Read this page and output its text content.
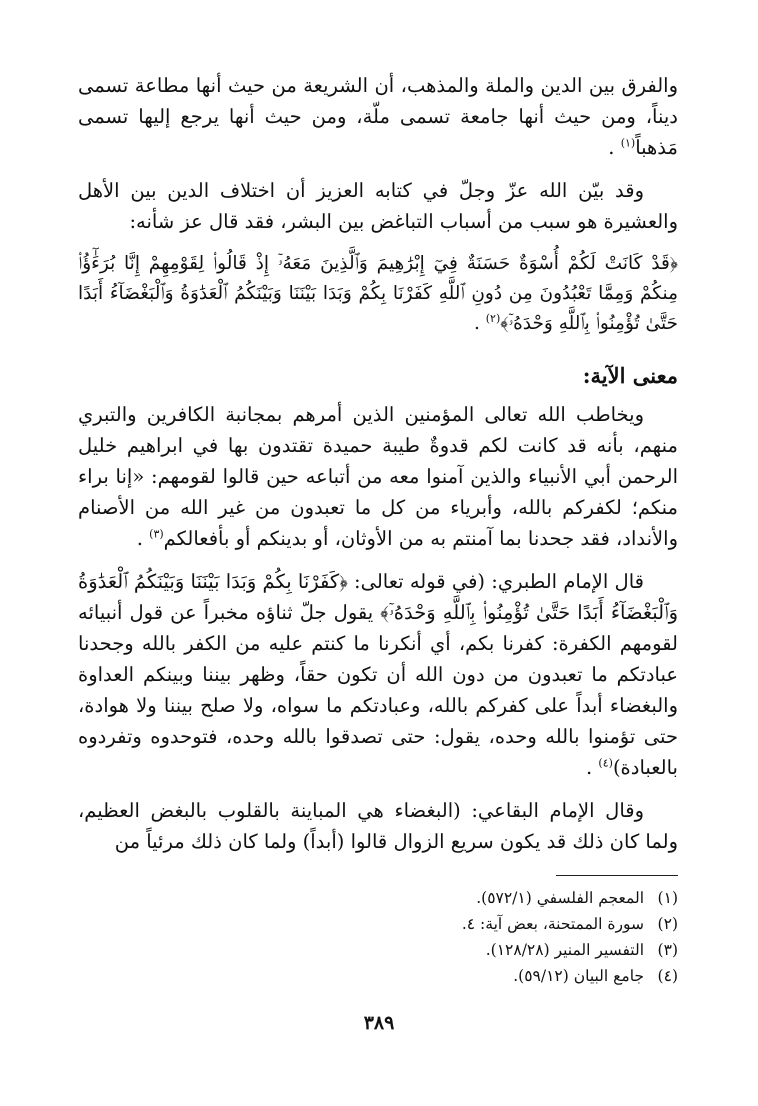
والفرق بين الدين والملة والمذهب، أن الشريعة من حيث أنها مطاعة تسمى ديناً، ومن حيث أنها جامعة تسمى ملّة، ومن حيث أنها يرجع إليها تسمى مَذهباً$^{(١)}$ .

وقد بيّن الله عزّ وجلّ في كتابه العزيز أن اختلاف الدين بين الأهل والعشيرة هو سبب من أسباب التباغض بين البشر، فقد قال عز شأنه:

﴿قَدْ كَانَتْ لَكُمْ أُسْوَةٌ حَسَنَةٌ فِيٓ إِبْرَٰهِيمَ وَٱلَّذِينَ مَعَهُۥٓ إِذْ قَالُوا۟ لِقَوْمِهِمْ إِنَّا بُرَءَٰٓؤُا۟ مِنكُمْ وَمِمَّا تَعْبُدُونَ مِن دُونِ ٱللَّهِ كَفَرْنَا بِكُمْ وَبَدَا بَيْنَنَا وَبَيْنَكُمُ ٱلْعَدَٰوَةُ وَٱلْبَغْضَآءُ أَبَدًا حَتَّىٰ تُؤْمِنُوا۟ بِٱللَّهِ وَحْدَهُۥٓ﴾$^{(٢)}$ .

معنى الآية:

ويخاطب الله تعالى المؤمنين الذين أمرهم بمجانبة الكافرين والتبري منهم، بأنه قد كانت لكم قدوةٌ طيبة حميدة تقتدون بها في ابراهيم خليل الرحمن أبي الأنبياء والذين آمنوا معه من أتباعه حين قالوا لقومهم: «إنا براء منكم؛ لكفركم بالله، وأبرياء من كل ما تعبدون من غير الله من الأصنام والأنداد، فقد جحدنا بما آمنتم به من الأوثان، أو بدينكم أو بأفعالكم$^{(٣)}$ .

قال الإمام الطبري: (في قوله تعالى: ﴿كَفَرْنَا بِكُمْ وَبَدَا بَيْنَنَا وَبَيْنَكُمُ ٱلْعَدَٰوَةُ وَٱلْبَغْضَآءُ أَبَدًا حَتَّىٰ تُؤْمِنُوا۟ بِٱللَّهِ وَحْدَهُۥٓ﴾ يقول جلّ ثناؤه مخبراً عن قول أنبيائه لقومهم الكفرة: كفرنا بكم، أي أنكرنا ما كنتم عليه من الكفر بالله وجحدنا عبادتكم ما تعبدون من دون الله أن تكون حقاً، وظهر بيننا وبينكم العداوة والبغضاء أبداً على كفركم بالله، وعبادتكم ما سواه، ولا صلح بيننا ولا هوادة، حتى تؤمنوا بالله وحده، يقول: حتى تصدقوا بالله وحده، فتوحدوه وتفردوه بالعبادة)$^{(٤)}$ .

وقال الإمام البقاعي: (البغضاء هي المباينة بالقلوب بالبغض العظيم، ولما كان ذلك قد يكون سريع الزوال قالوا (أبداً) ولما كان ذلك مرئياً من

(١)المعجم الفلسفي (٥٧٢/١).
(٢)سورة الممتحنة، بعض آية: ٤.
(٣)التفسير المنير (١٢٨/٢٨).
(٤)جامع البيان (٥٩/١٢).
٣٨٩
